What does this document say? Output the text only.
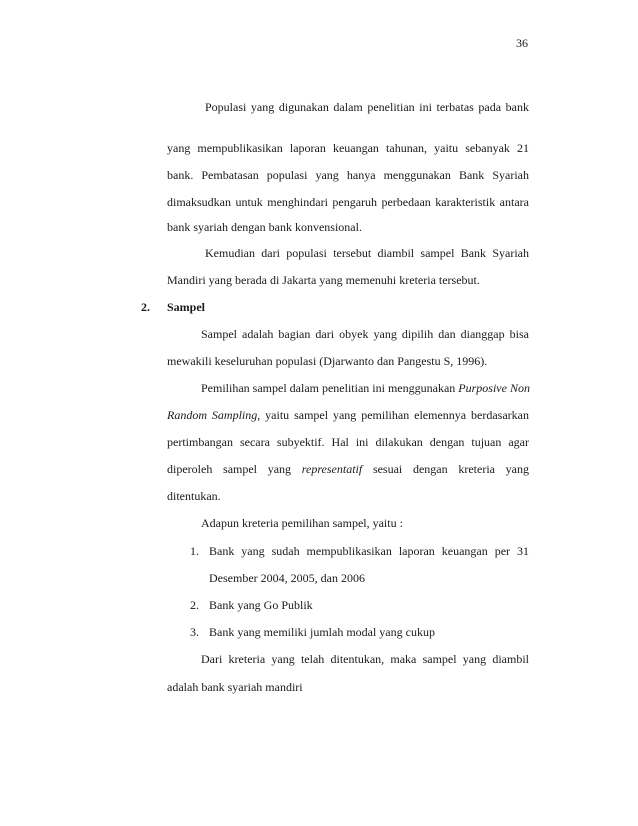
36
Populasi yang digunakan dalam penelitian ini terbatas pada bank
yang mempublikasikan laporan keuangan tahunan, yaitu sebanyak 21
bank. Pembatasan populasi yang hanya menggunakan Bank Syariah
dimaksudkan untuk menghindari pengaruh perbedaan karakteristik antara
bank syariah dengan bank konvensional.
Kemudian dari populasi tersebut diambil sampel Bank Syariah
Mandiri yang berada di Jakarta yang memenuhi kreteria tersebut.
2. Sampel
Sampel adalah bagian dari obyek yang dipilih dan dianggap bisa
mewakili keseluruhan populasi (Djarwanto dan Pangestu S, 1996).
Pemilihan sampel dalam penelitian ini menggunakan Purposive Non
Random Sampling, yaitu sampel yang pemilihan elemennya berdasarkan
pertimbangan secara subyektif. Hal ini dilakukan dengan tujuan agar
diperoleh sampel yang representatif sesuai dengan kreteria yang
ditentukan.
Adapun kreteria pemilihan sampel, yaitu :
1. Bank yang sudah mempublikasikan laporan keuangan per 31
Desember 2004, 2005, dan 2006
2. Bank yang Go Publik
3. Bank yang memiliki jumlah modal yang cukup
Dari kreteria yang telah ditentukan, maka sampel yang diambil
adalah bank syariah mandiri
